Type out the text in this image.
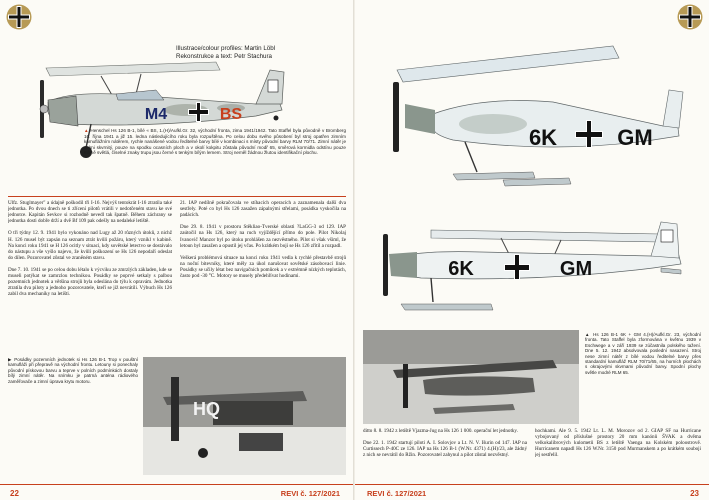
Illustrace/colour profiles: Martin Löbl
Rekonstrukce a text: Petr Stachura
M4	BS
▲ Henschel Hs 126 B-1, bílé « BS, 1.(H)/Aufkl.Gr. 32, východní fronta, zima 1941/1942. Tato Staffel byla původně v Bromberg 16. října 1941 a již 15. ledna následujícího roku byla rozpuštěna. Po celou dobu svého působení byl stroj opatřen zimním kamuflážním nátěrem, rychle nanášené vodou ředitelné barvy bílé v kombinaci s místy původní barvy RLM 70/71. Zimní nátěr je velmi skvrnitý, pouze na spodku ocasních ploch a v okolí kokpitu zůstala původní modř 65, směrová kormidla odstínu pouze mírně světlá, číselné znaky trupu jsou černé s tenkým bílým lemem. Stroj neměl žádnou žlutou identifikační plochu.
Ulfz. Stuglmayer" a údajně poškodil tři I-16. Nejvýš tentokrát I-16 ztratila také jednotka. Po dvou dnech se ti zřícení pilotů vrátili v nedotčeném stavu ke své jednotce. Kapitán Sevkov si rozhodně nevedl tak špatně. Během záchrany se jednotka dosti dobře drží a dvě Bf 109 pak odešly na nedaleké letiště.

O tři týdny 12. 9. 1941 bylo vykonáno nad Lugy až 20 různých útoků, z nichž H. 126 musel být zapsán na seznam ztrát kvůli požáru, který vznikl v kabině. Na konci roku 1941 se H 126 ocitly v situaci, kdy sovětské letectvo se dostávalo do nástupu a vše vyšlo najevo, že kvůli poškození se Hs 126 nepodaří odeslat do dílen. Pozorovatel zůstal ve zraněném stavu.

Dne 7. 10. 1941 se po celou dobu létalo k výcviku ze zmrzlých základen, kde se museli potýkat se zamrzlou technikou. Posádky se poprvé setkaly s palbou pozemních jednotek a většina strojů byla odeslána do týlu k opravám. Jednotka ztratila dva piloty a jednoho pozorovatele, kteří se již nevrátili. Výbuch Hs 126 zabil dva mechaniky na letišti.
21. IAP nedílně pokračovala ve stíhacích operacích a zaznamenala další dva sestřely. Poté co byl Hs 126 zasažen zápalnými střelami, posádka vyskočila na padácích.

Dne 29. 8. 1941 v prostoru Stěkliao-Tverské oblasti ?LaGG-3 od 129. IAP zaútočil na Hs 126, který na ruch vyjíždějící přímo do pole. Pilot Nikolaj Ivanovič Manzor byl po útoku prohlášen za nezvěstného. Pilot si však všiml, že letoun byl zasažen a opustil jej včas. Po krátkém boji se Hs 126 zřítil a rozpadl.

Veškerá problémová situace na konci roku 1941 vedla k rychlé přestavbě strojů na noční bitevníky, které měly za úkol narušovat sovětské zásobovací linie. Posádky se učily létat bez navigačních pomůcek a v extrémně nízkých teplotách, často pod -30 °C. Motory se musely předehřívat hodinami.
HQ
▶ Posádky pozemních jednotek si Hs 126 B-1 Trop v pouštní kamufláži při přepravě na východní frontu. Letouny si ponechaly původní pískovou barvu a teprve v polních podmínkách dostaly bílý zimní nátěr. Na snímku je patrná anténa rádiového zaměřovače a zimní úprava krytu motoru.
22	REVI č. 127/2021
6K	GM
6K	GM
▲ Hs 126 B-1 6K + GM 4.(H)/Aufkl.Gr. 23, východní fronta. Tato Staffel byla zformována v květnu 1939 v Eschwege a v září 1939 se zúčastnila polského tažení. Dne 5. 12. 1942 absolvovala poslední nasazení. Stroj nese zimní nátěr z bílé vodou ředitelné barvy přes standardní kamufláž RLM 70/71/65, na horních plochách s okrajovými skvrnami původní barvy. Spodní plochy světle modré RLM 65.
ditto 8. 8. 1942 z letiště Vjazma-Jug na Hs 126 1 000. operační let jednotky.

Dne 22. 1. 1942 startují piloti A. I. Solovjov a Lt. N. V. Išurin od 147. IAP na Curtissech P-40C ze 126. IAP na Hs 126 B-1 (W.Nr. 4371) 4.(H)/23, ale žádný z nich se nevrátil do Ržin. Pozorovatel zahynul a pilot zůstal nezvěstný.
hochkami. Ale 9. 5. 1942 Lt. L. M. Morozov od 2. GIAP SF na Hurricane vybojovaný od příslušné prostory 20 mm kanónů ŠVAK a dvěma velkokalibrových kulometů BS z letiště Vaenga na Kolském poloostrově. Hurricanem napadl Hs 126 W.Nr. 3150 pod Murmanskem a po krátkém souboji jej sestřelil.
REVI č. 127/2021	23
